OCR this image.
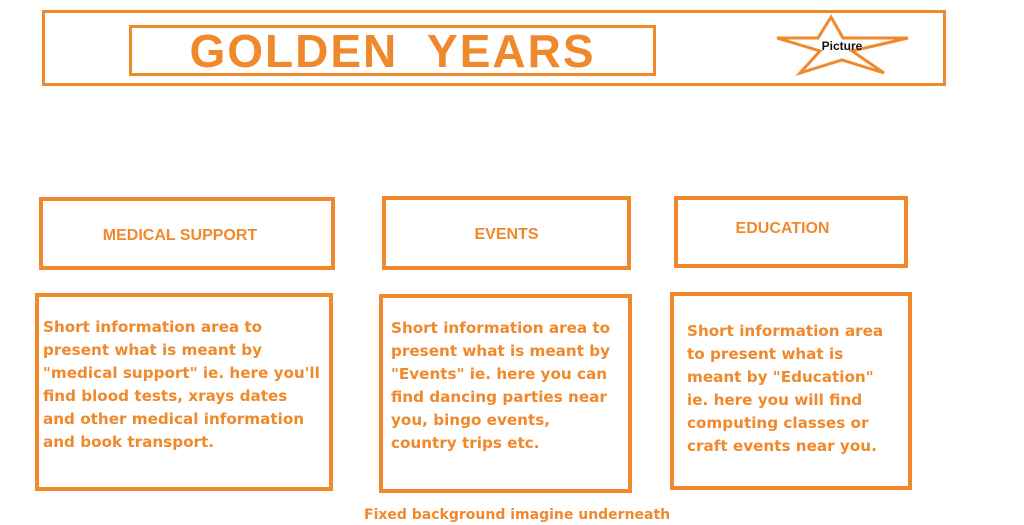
GOLDEN  YEARS	Picture
MEDICAL SUPPORT	EVENTS	EDUCATION

Short information area to present what is meant by "medical support" ie. here you'll find blood tests, xrays dates and other medical information and book transport.

Short information area to present what is meant by "Events" ie. here you can find dancing parties near you, bingo events, country trips etc.

Short information area to present what is meant by "Education" ie. here you will find computing classes or craft events near you.

Fixed background imagine underneath
